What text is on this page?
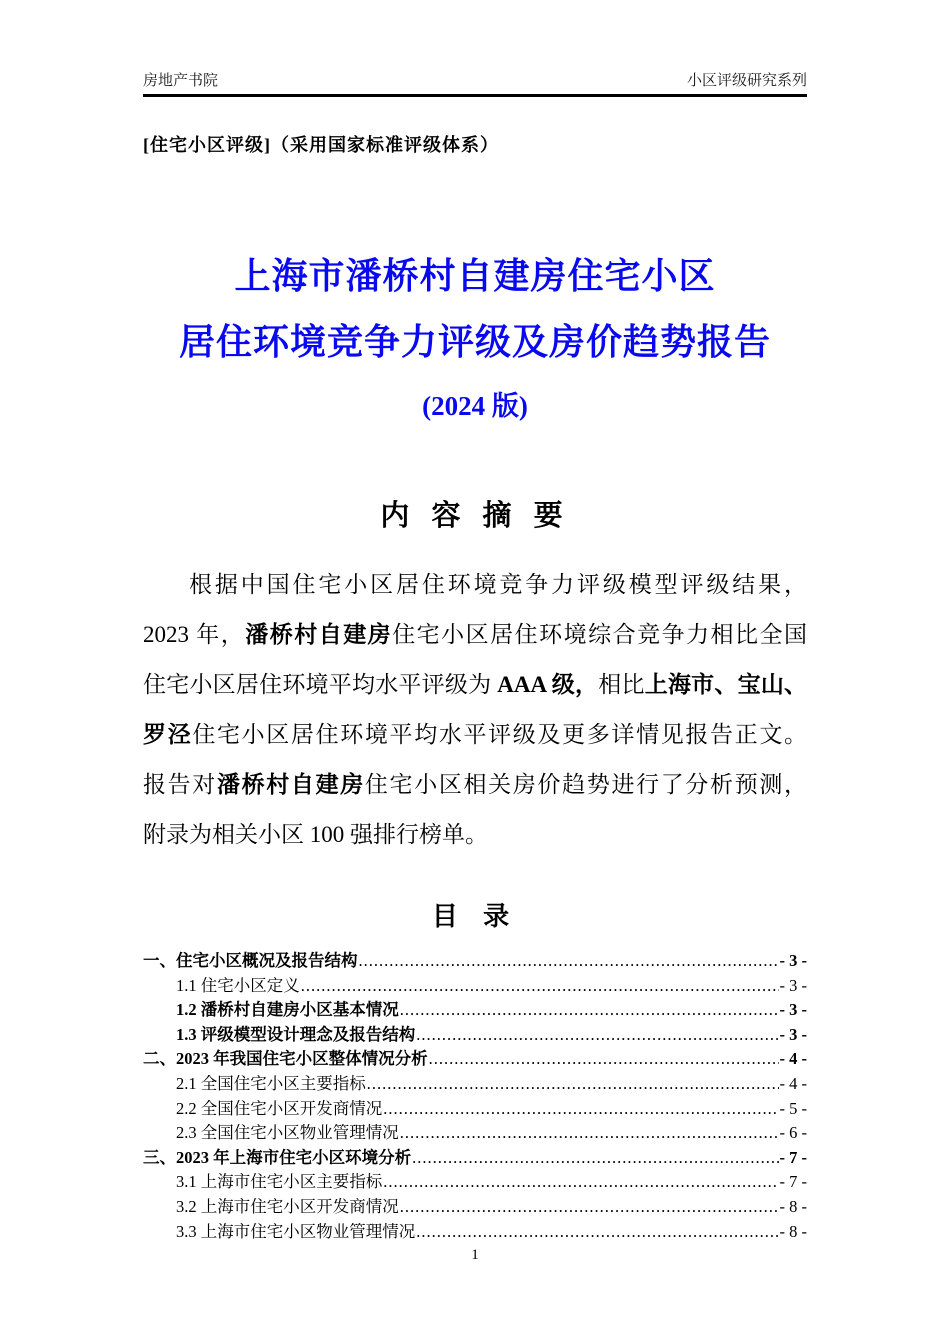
房地产书院	小区评级研究系列
[住宅小区评级]（采用国家标准评级体系）
上海市潘桥村自建房住宅小区
居住环境竞争力评级及房价趋势报告
(2024 版)
内 容 摘 要
根据中国住宅小区居住环境竞争力评级模型评级结果，
2023 年，潘桥村自建房住宅小区居住环境综合竞争力相比全国
住宅小区居住环境平均水平评级为 AAA 级，相比上海市、宝山、
罗泾住宅小区居住环境平均水平评级及更多详情见报告正文。
报告对潘桥村自建房住宅小区相关房价趋势进行了分析预测，
附录为相关小区 100 强排行榜单。
目 录
一、住宅小区概况及报告结构 .....	- 3 -
1.1 住宅小区定义 .....	- 3 -
1.2 潘桥村自建房小区基本情况 .....	- 3 -
1.3 评级模型设计理念及报告结构 .....	- 3 -
二、2023 年我国住宅小区整体情况分析 .....	- 4 -
2.1 全国住宅小区主要指标 .....	- 4 -
2.2 全国住宅小区开发商情况 .....	- 5 -
2.3 全国住宅小区物业管理情况 .....	- 6 -
三、2023 年上海市住宅小区环境分析 .....	- 7 -
3.1 上海市住宅小区主要指标 .....	- 7 -
3.2 上海市住宅小区开发商情况 .....	- 8 -
3.3 上海市住宅小区物业管理情况 .....	- 8 -
1
